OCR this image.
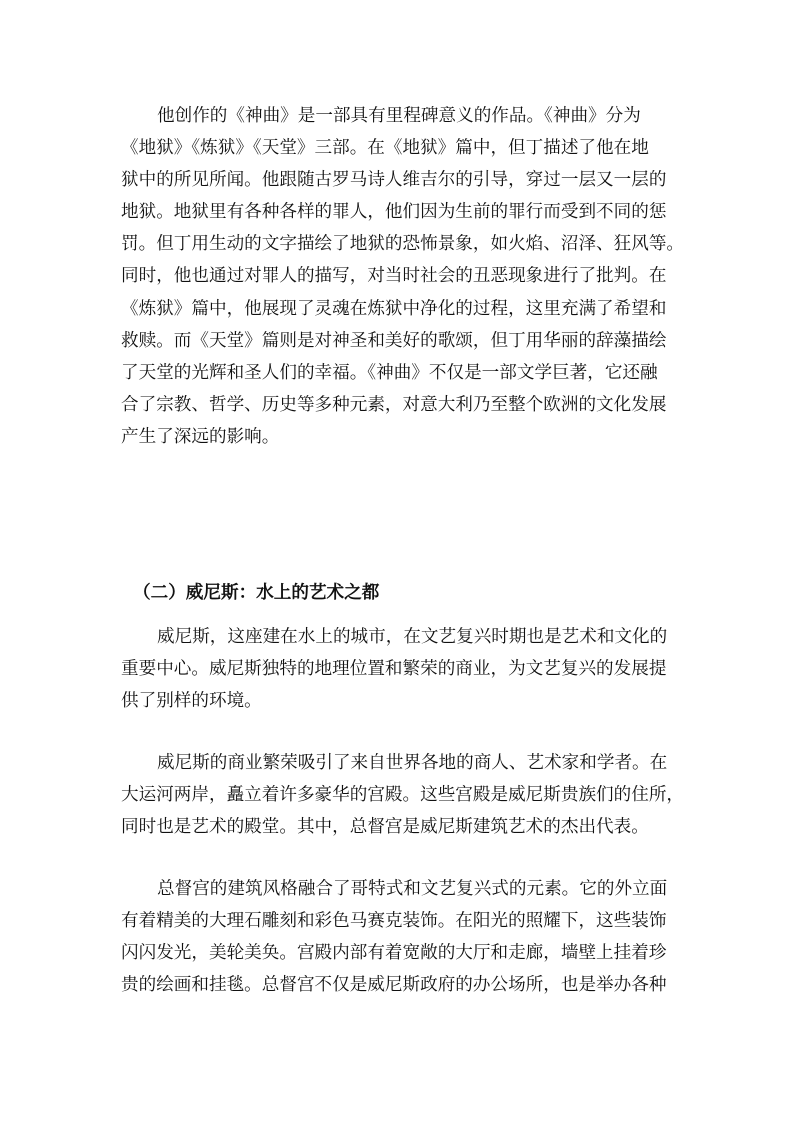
他创作的《神曲》是一部具有里程碑意义的作品。《神曲》分为
《地狱》《炼狱》《天堂》三部。在《地狱》篇中，但丁描述了他在地
狱中的所见所闻。他跟随古罗马诗人维吉尔的引导，穿过一层又一层的
地狱。地狱里有各种各样的罪人，他们因为生前的罪行而受到不同的惩
罚。但丁用生动的文字描绘了地狱的恐怖景象，如火焰、沼泽、狂风等。
同时，他也通过对罪人的描写，对当时社会的丑恶现象进行了批判。在
《炼狱》篇中，他展现了灵魂在炼狱中净化的过程，这里充满了希望和
救赎。而《天堂》篇则是对神圣和美好的歌颂，但丁用华丽的辞藻描绘
了天堂的光辉和圣人们的幸福。《神曲》不仅是一部文学巨著，它还融
合了宗教、哲学、历史等多种元素，对意大利乃至整个欧洲的文化发展
产生了深远的影响。
（二）威尼斯：水上的艺术之都
威尼斯，这座建在水上的城市，在文艺复兴时期也是艺术和文化的
重要中心。威尼斯独特的地理位置和繁荣的商业，为文艺复兴的发展提
供了别样的环境。
威尼斯的商业繁荣吸引了来自世界各地的商人、艺术家和学者。在
大运河两岸，矗立着许多豪华的宫殿。这些宫殿是威尼斯贵族们的住所，
同时也是艺术的殿堂。其中，总督宫是威尼斯建筑艺术的杰出代表。
总督宫的建筑风格融合了哥特式和文艺复兴式的元素。它的外立面
有着精美的大理石雕刻和彩色马赛克装饰。在阳光的照耀下，这些装饰
闪闪发光，美轮美奂。宫殿内部有着宽敞的大厅和走廊，墙壁上挂着珍
贵的绘画和挂毯。总督宫不仅是威尼斯政府的办公场所，也是举办各种
